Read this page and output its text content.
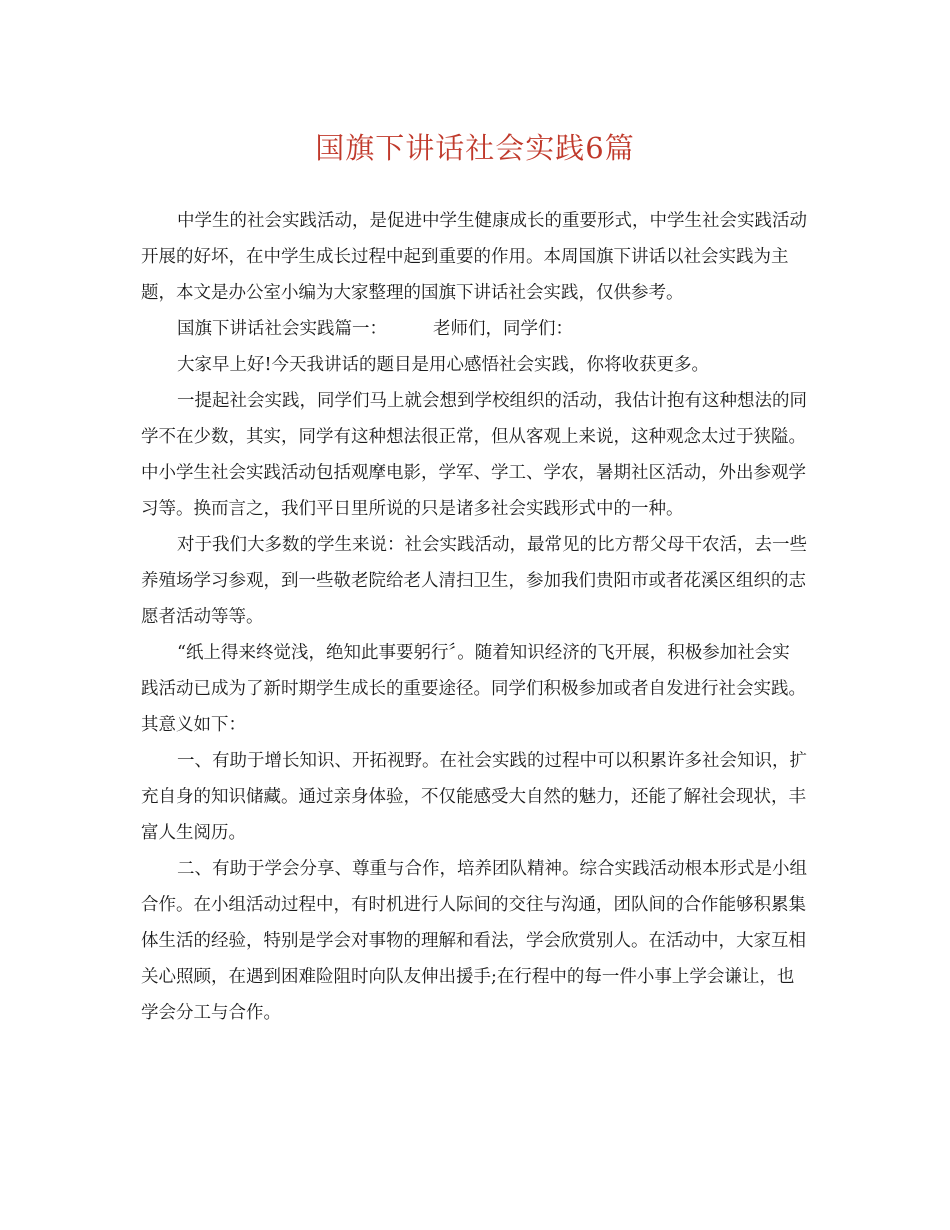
国旗下讲话社会实践6篇

中学生的社会实践活动，是促进中学生健康成长的重要形式，中学生社会实践活动开展的好坏，在中学生成长过程中起到重要的作用。本周国旗下讲话以社会实践为主题，本文是办公室小编为大家整理的国旗下讲话社会实践，仅供参考。

国旗下讲话社会实践篇一：	老师们，同学们：

大家早上好!今天我讲话的题目是用心感悟社会实践，你将收获更多。

一提起社会实践，同学们马上就会想到学校组织的活动，我估计抱有这种想法的同学不在少数，其实，同学有这种想法很正常，但从客观上来说，这种观念太过于狭隘。 中小学生社会实践活动包括观摩电影，学军、学工、学农，暑期社区活动，外出参观学习等。换而言之，我们平日里所说的只是诸多社会实践形式中的一种。

对于我们大多数的学生来说：社会实践活动，最常见的比方帮父母干农活，去一些养殖场学习参观，到一些敬老院给老人清扫卫生，参加我们贵阳市或者花溪区组织的志愿者活动等等。

“纸上得来终觉浅，绝知此事要躬行〞。随着知识经济的飞开展，积极参加社会实践活动已成为了新时期学生成长的重要途径。同学们积极参加或者自发进行社会实践。其意义如下：

一、有助于增长知识、开拓视野。在社会实践的过程中可以积累许多社会知识，扩充自身的知识储藏。通过亲身体验，不仅能感受大自然的魅力，还能了解社会现状，丰富人生阅历。

二、有助于学会分享、尊重与合作，培养团队精神。综合实践活动根本形式是小组合作。在小组活动过程中，有时机进行人际间的交往与沟通，团队间的合作能够积累集体生活的经验，特别是学会对事物的理解和看法，学会欣赏别人。在活动中，大家互相关心照顾，在遇到困难险阻时向队友伸出援手;在行程中的每一件小事上学会谦让，也学会分工与合作。
